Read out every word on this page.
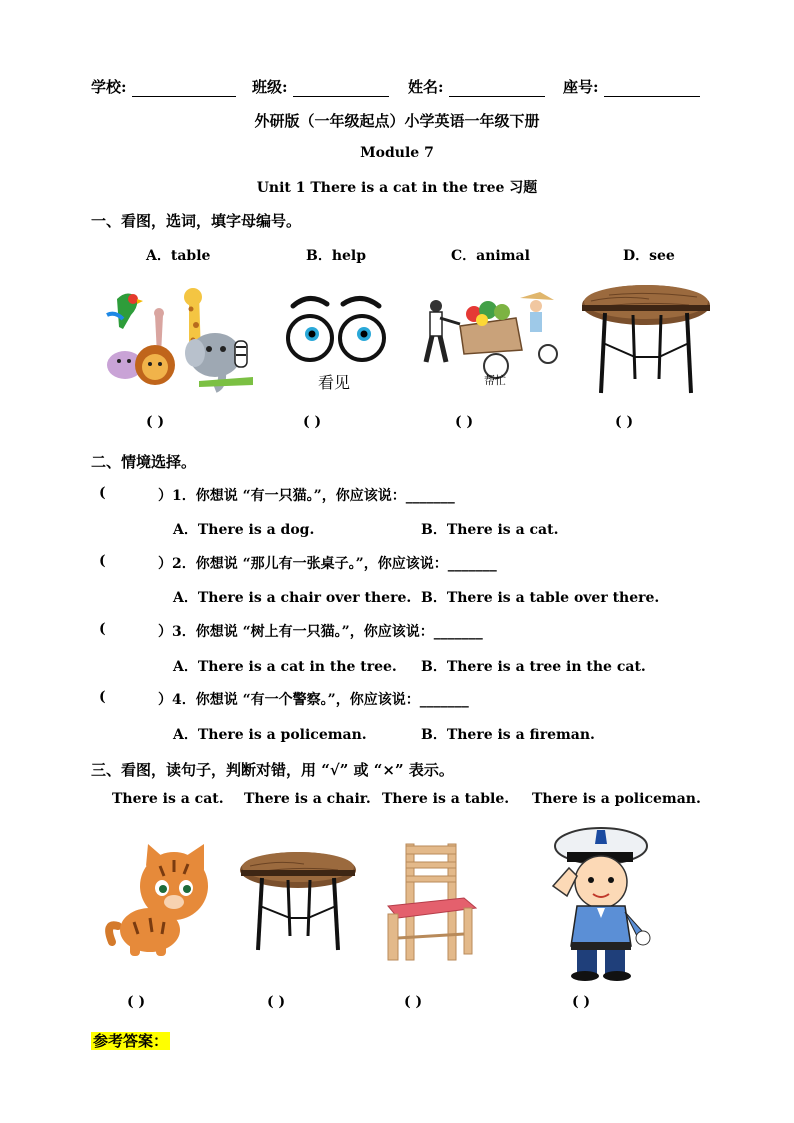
学校:	班级:	姓名:	座号:
外研版（一年级起点）小学英语一年级下册
Module 7
Unit 1 There is a cat in the tree 习题
一、看图，选词，填字母编号。
A．table	B．help	C．animal	D．see
看见	帮忙
( )	( )	( )	( )
二、情境选择。
(	）1．你想说 “有一只猫。”，你应该说：_______
A．There is a dog.	B．There is a cat.
(	）2．你想说 “那儿有一张桌子。”，你应该说：_______
A．There is a chair over there. B．There is a table over there.
(	）3．你想说 “树上有一只猫。”，你应该说：_______
A．There is a cat in the tree. B．There is a tree in the cat.
(	）4．你想说 “有一个警察。”，你应该说：_______
A．There is a policeman.	B．There is a fireman.
三、看图，读句子，判断对错，用 “√” 或 “×” 表示。
There is a cat. There is a chair. There is a table. There is a policeman.
( )	( )	( )	( )
参考答案：
